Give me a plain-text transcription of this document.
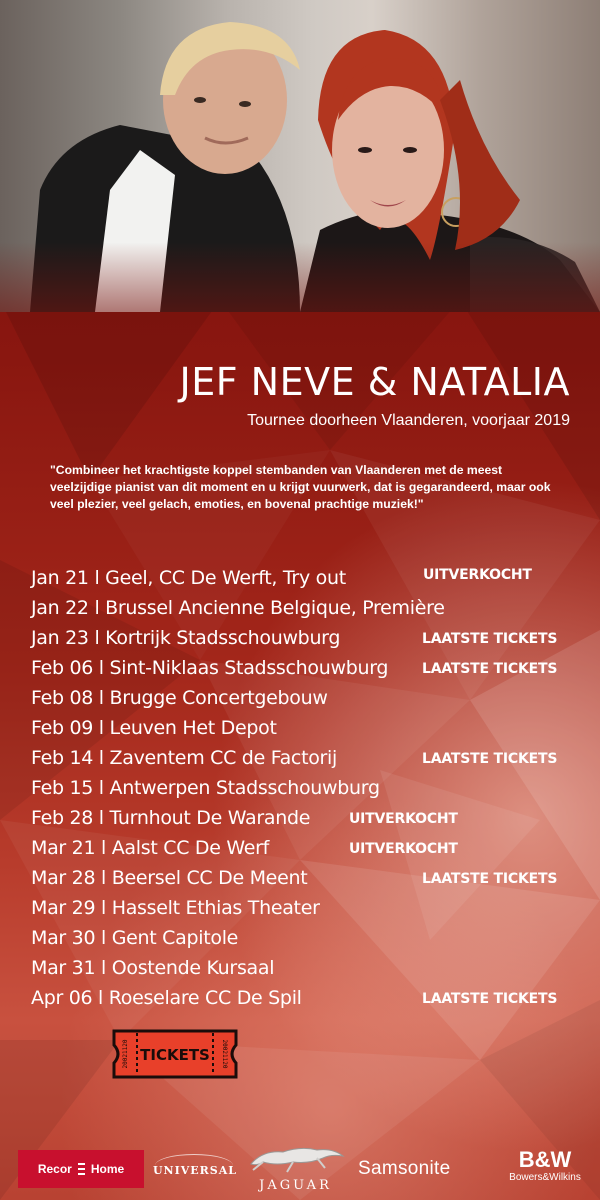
JEF NEVE & NATALIA
Tournee doorheen Vlaanderen, voorjaar 2019
"Combineer het krachtigste koppel stembanden van Vlaanderen met de meest veelzijdige pianist van dit moment en u krijgt vuurwerk, dat is gegarandeerd, maar ook veel plezier, veel gelach, emoties, en bovenal prachtige muziek!"
Jan 21 l Geel, CC De Werft, Try out	UITVERKOCHT
Jan 22 l Brussel Ancienne Belgique, Première
Jan 23 l Kortrijk Stadsschouwburg	LAATSTE TICKETS
Feb 06 l Sint-Niklaas Stadsschouwburg LAATSTE TICKETS
Feb 08 l Brugge Concertgebouw
Feb 09 l Leuven Het Depot
Feb 14 l Zaventem CC de Factorij	LAATSTE TICKETS
Feb 15 l Antwerpen Stadsschouwburg
Feb 28 l Turnhout De Warande	UITVERKOCHT
Mar 21 l Aalst CC De Werf	UITVERKOCHT
Mar 28 l Beersel CC De Meent	LAATSTE TICKETS
Mar 29 l Hasselt Ethias Theater
Mar 30 l Gent Capitole
Mar 31 l Oostende Kursaal
Apr 06 l Roeselare CC De Spil	LAATSTE TICKETS
20021120	20021120
TICKETS
Recor Home	UNIVERSAL
JAGUAR
Samsonite	B&W
Bowers&Wilkins
